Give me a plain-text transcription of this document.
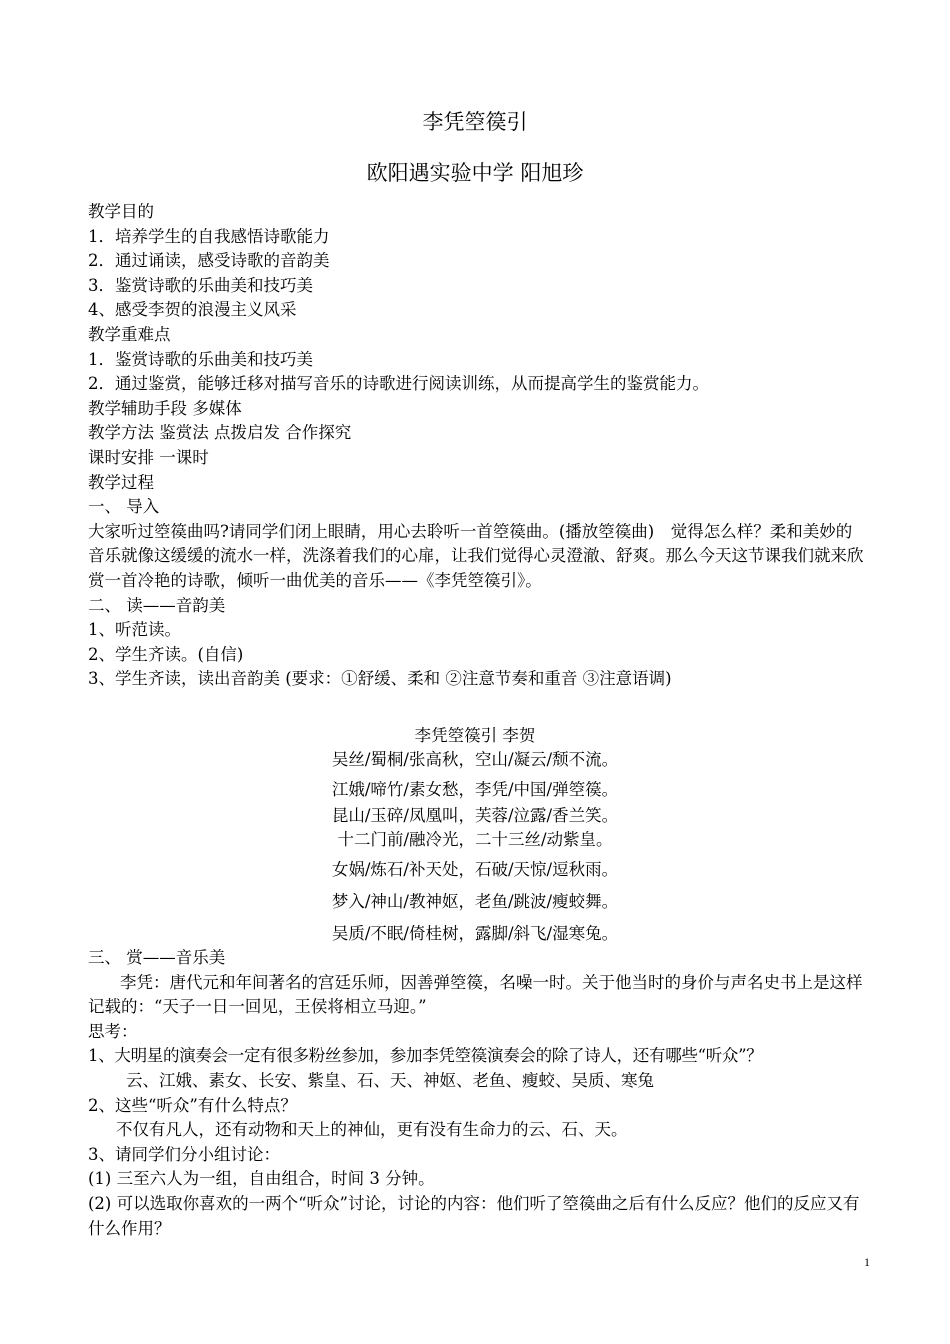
李凭箜篌引
欧阳遇实验中学 阳旭珍
教学目的
1．培养学生的自我感悟诗歌能力
2．通过诵读，感受诗歌的音韵美
3．鉴赏诗歌的乐曲美和技巧美
4、感受李贺的浪漫主义风采
教学重难点
1．鉴赏诗歌的乐曲美和技巧美
2．通过鉴赏，能够迁移对描写音乐的诗歌进行阅读训练，从而提高学生的鉴赏能力。
教学辅助手段 多媒体
教学方法 鉴赏法 点拨启发 合作探究
课时安排 一课时
教学过程
一、 导入
大家听过箜篌曲吗?请同学们闭上眼睛，用心去聆听一首箜篌曲。(播放箜篌曲)　觉得怎么样？柔和美妙的音乐就像这缓缓的流水一样，洗涤着我们的心扉，让我们觉得心灵澄澈、舒爽。那么今天这节课我们就来欣赏一首冷艳的诗歌，倾听一曲优美的音乐——《李凭箜篌引》。
二、 读——音韵美
1、听范读。
2、学生齐读。(自信)
3、学生齐读，读出音韵美 (要求：①舒缓、柔和 ②注意节奏和重音 ③注意语调)
李凭箜篌引 李贺
吴丝/蜀桐/张高秋，空山/凝云/颓不流。
江娥/啼竹/素女愁，李凭/中国/弹箜篌。
昆山/玉碎/凤凰叫，芙蓉/泣露/香兰笑。
十二门前/融冷光，二十三丝/动紫皇。
女娲/炼石/补天处，石破/天惊/逗秋雨。
梦入/神山/教神妪，老鱼/跳波/瘦蛟舞。
吴质/不眠/倚桂树，露脚/斜飞/湿寒兔。
三、 赏——音乐美
李凭：唐代元和年间著名的宫廷乐师，因善弹箜篌，名噪一时。关于他当时的身价与声名史书上是这样记载的：“天子一日一回见，王侯将相立马迎。”
思考：
1、大明星的演奏会一定有很多粉丝参加，参加李凭箜篌演奏会的除了诗人，还有哪些“听众”？
云、江娥、素女、长安、紫皇、石、天、神妪、老鱼、瘦蛟、吴质、寒兔
2、这些“听众”有什么特点？
不仅有凡人，还有动物和天上的神仙，更有没有生命力的云、石、天。
3、请同学们分小组讨论：
(1) 三至六人为一组，自由组合，时间 3 分钟。
(2) 可以选取你喜欢的一两个“听众”讨论，讨论的内容：他们听了箜篌曲之后有什么反应？他们的反应又有什么作用？
1
